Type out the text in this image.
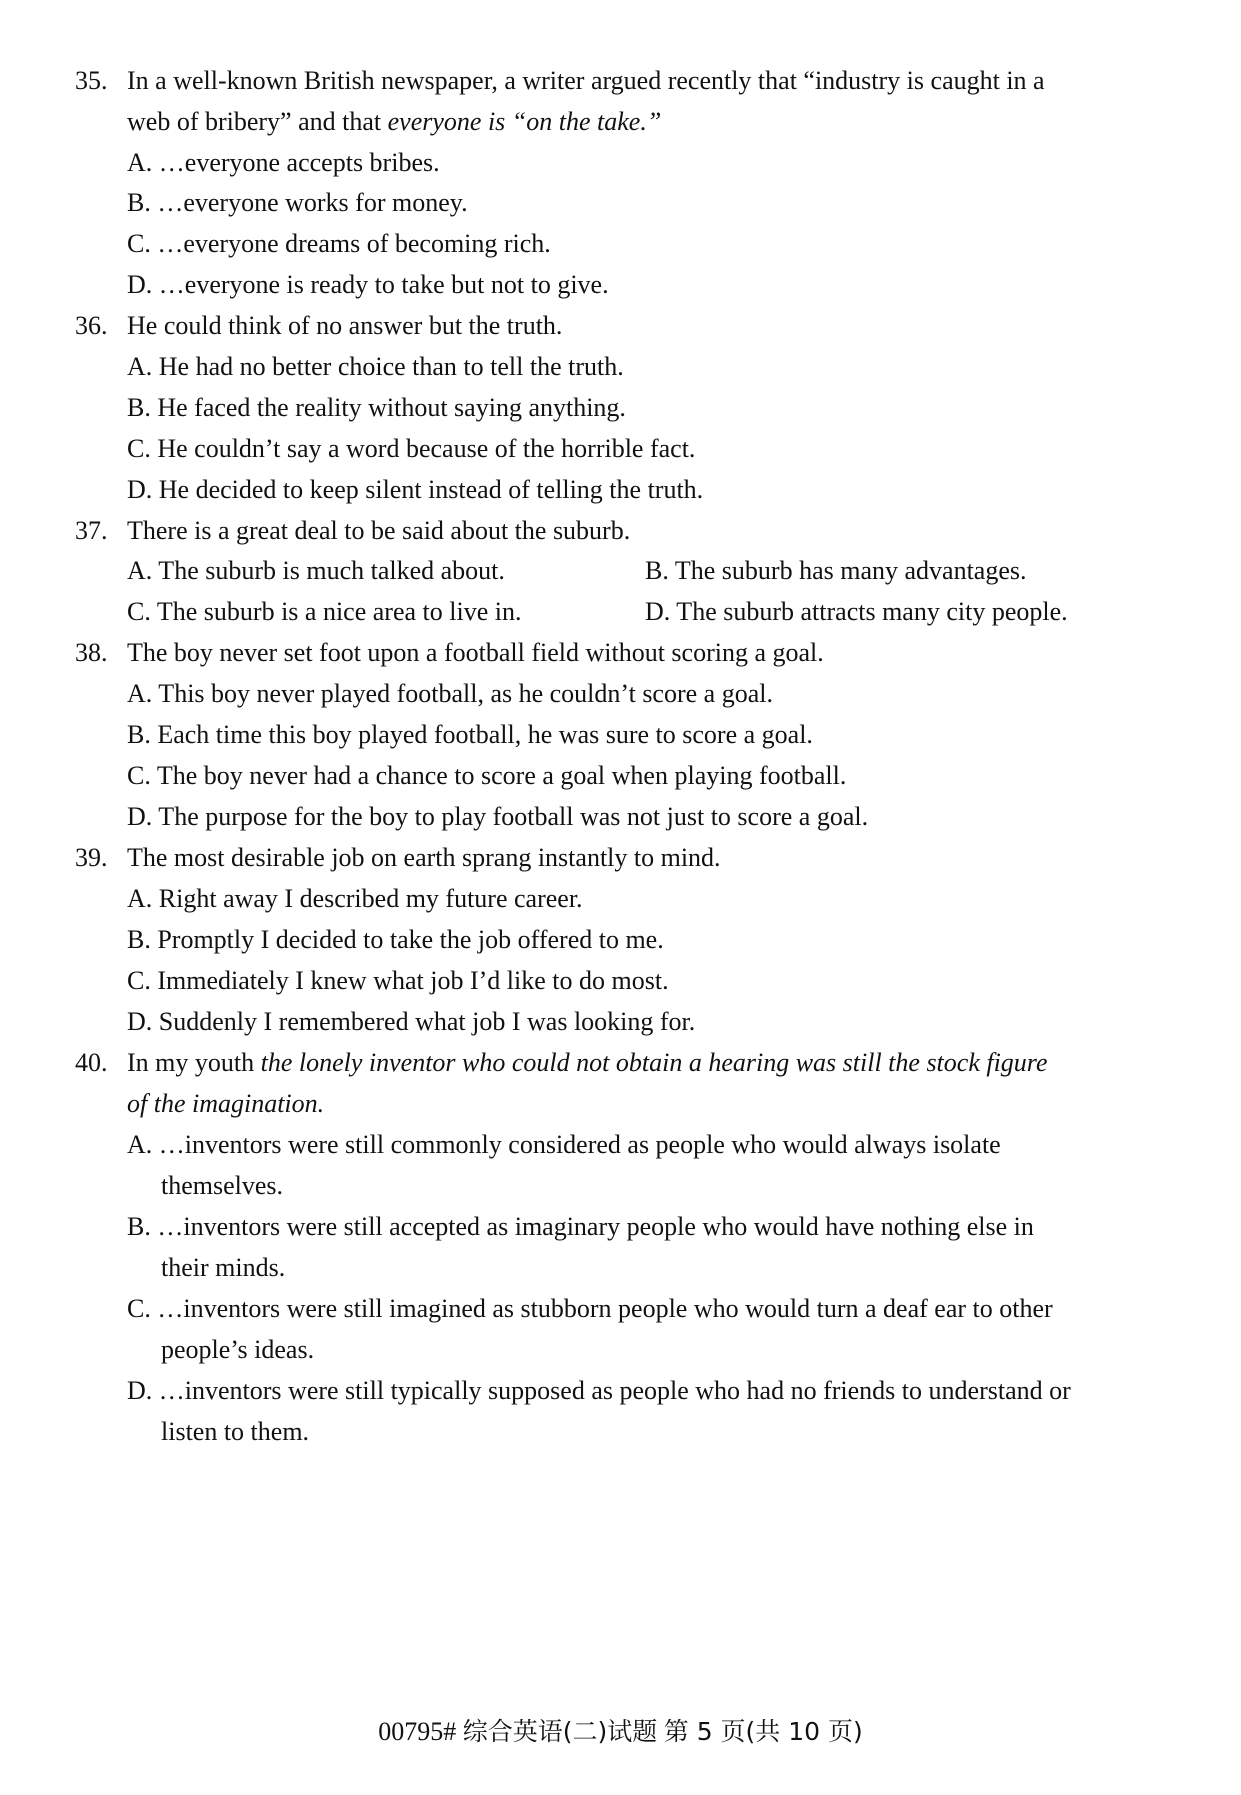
35. In a well-known British newspaper, a writer argued recently that “industry is caught in a
web of bribery” and that everyone is “on the take.”
A. …everyone accepts bribes.
B. …everyone works for money.
C. …everyone dreams of becoming rich.
D. …everyone is ready to take but not to give.
36. He could think of no answer but the truth.
A. He had no better choice than to tell the truth.
B. He faced the reality without saying anything.
C. He couldn’t say a word because of the horrible fact.
D. He decided to keep silent instead of telling the truth.
37. There is a great deal to be said about the suburb.
A. The suburb is much talked about.	B. The suburb has many advantages.
C. The suburb is a nice area to live in.	D. The suburb attracts many city people.
38. The boy never set foot upon a football field without scoring a goal.
A. This boy never played football, as he couldn’t score a goal.
B. Each time this boy played football, he was sure to score a goal.
C. The boy never had a chance to score a goal when playing football.
D. The purpose for the boy to play football was not just to score a goal.
39. The most desirable job on earth sprang instantly to mind.
A. Right away I described my future career.
B. Promptly I decided to take the job offered to me.
C. Immediately I knew what job I’d like to do most.
D. Suddenly I remembered what job I was looking for.
40. In my youth the lonely inventor who could not obtain a hearing was still the stock figure
of the imagination.
A. …inventors were still commonly considered as people who would always isolate
themselves.
B. …inventors were still accepted as imaginary people who would have nothing else in
their minds.
C. …inventors were still imagined as stubborn people who would turn a deaf ear to other
people’s ideas.
D. …inventors were still typically supposed as people who had no friends to understand or
listen to them.
00795# 综合英语(二)试题 第 5 页(共 10 页)
